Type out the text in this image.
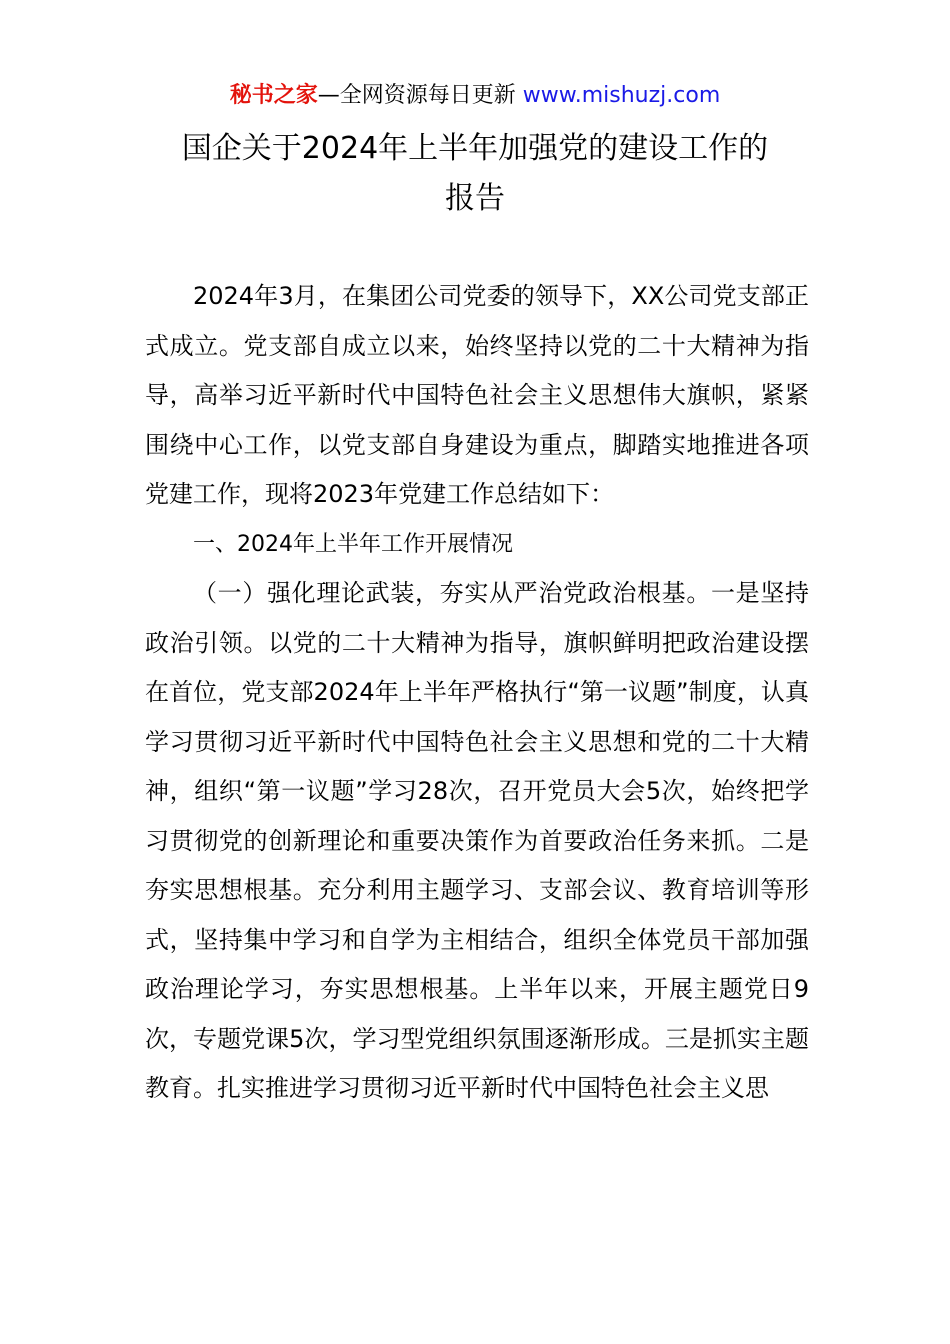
秘书之家—全网资源每日更新 www.mishuzj.com
国企关于2024年上半年加强党的建设工作的
报告

2024年3月，在集团公司党委的领导下，XX公司党支部正式成立。党支部自成立以来，始终坚持以党的二十大精神为指导，高举习近平新时代中国特色社会主义思想伟大旗帜，紧紧围绕中心工作，以党支部自身建设为重点，脚踏实地推进各项党建工作，现将2023年党建工作总结如下：

一、2024年上半年工作开展情况

（一）强化理论武装，夯实从严治党政治根基。一是坚持政治引领。以党的二十大精神为指导，旗帜鲜明把政治建设摆在首位，党支部2024年上半年严格执行“第一议题”制度，认真学习贯彻习近平新时代中国特色社会主义思想和党的二十大精神，组织“第一议题”学习28次，召开党员大会5次，始终把学习贯彻党的创新理论和重要决策作为首要政治任务来抓。二是夯实思想根基。充分利用主题学习、支部会议、教育培训等形式，坚持集中学习和自学为主相结合，组织全体党员干部加强政治理论学习，夯实思想根基。上半年以来，开展主题党日9次，专题党课5次，学习型党组织氛围逐渐形成。三是抓实主题教育。扎实推进学习贯彻习近平新时代中国特色社会主义思
